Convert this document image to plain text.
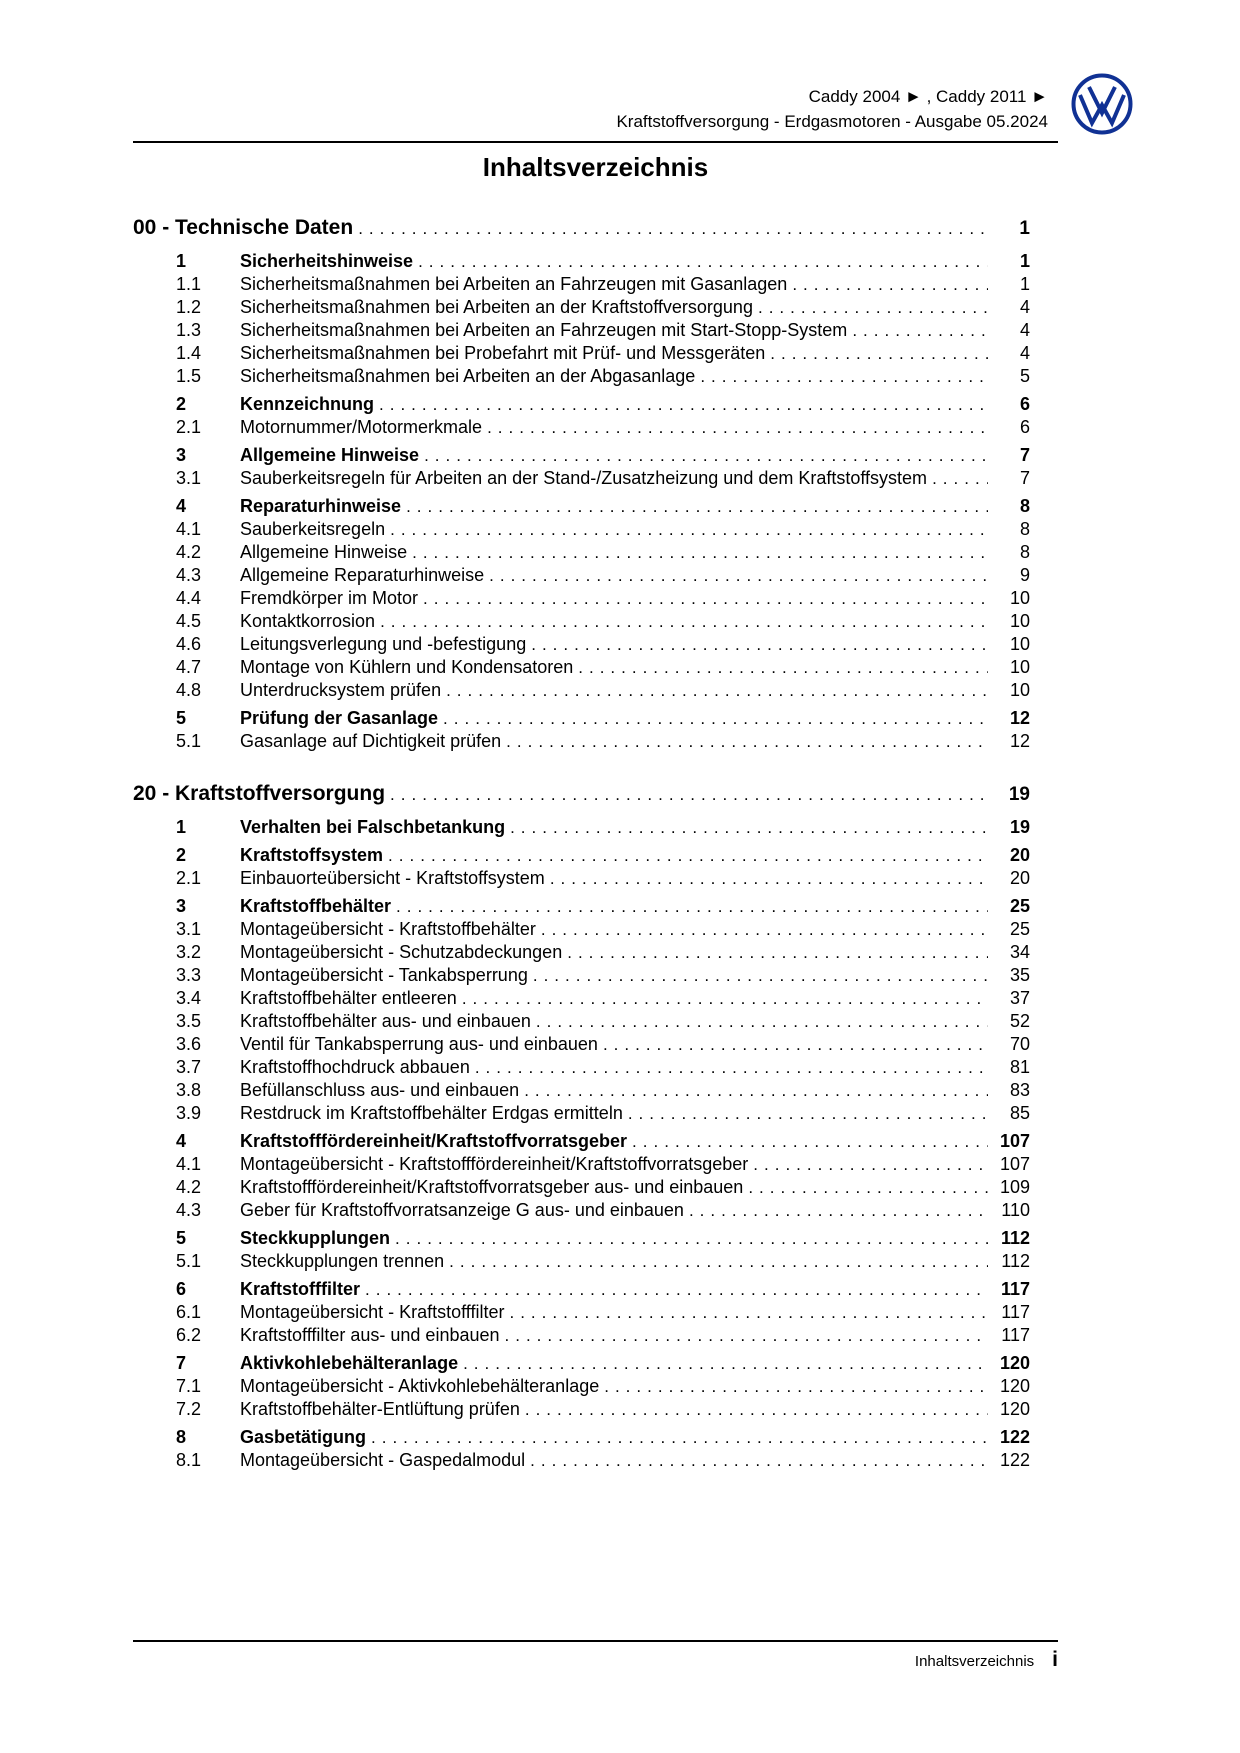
Caddy 2004 ► , Caddy 2011 ►
Kraftstoffversorgung - Erdgasmotoren - Ausgabe 05.2024
Inhaltsverzeichnis
00 - Technische Daten .....	1
1	Sicherheitshinweise .....	1
1.1	Sicherheitsmaßnahmen bei Arbeiten an Fahrzeugen mit Gasanlagen .....	1
1.2	Sicherheitsmaßnahmen bei Arbeiten an der Kraftstoffversorgung .....	4
1.3	Sicherheitsmaßnahmen bei Arbeiten an Fahrzeugen mit Start-Stopp-System .....	4
1.4	Sicherheitsmaßnahmen bei Probefahrt mit Prüf- und Messgeräten .....	4
1.5	Sicherheitsmaßnahmen bei Arbeiten an der Abgasanlage .....	5
2	Kennzeichnung .....	6
2.1	Motornummer/Motormerkmale .....	6
3	Allgemeine Hinweise .....	7
3.1	Sauberkeitsregeln für Arbeiten an der Stand-/Zusatzheizung und dem Kraftstoffsystem .....	7
4	Reparaturhinweise .....	8
4.1	Sauberkeitsregeln .....	8
4.2	Allgemeine Hinweise .....	8
4.3	Allgemeine Reparaturhinweise .....	9
4.4	Fremdkörper im Motor .....	10
4.5	Kontaktkorrosion .....	10
4.6	Leitungsverlegung und -befestigung .....	10
4.7	Montage von Kühlern und Kondensatoren .....	10
4.8	Unterdrucksystem prüfen .....	10
5	Prüfung der Gasanlage .....	12
5.1	Gasanlage auf Dichtigkeit prüfen .....	12
20 - Kraftstoffversorgung .....	19
1	Verhalten bei Falschbetankung .....	19
2	Kraftstoffsystem .....	20
2.1	Einbauorteübersicht - Kraftstoffsystem .....	20
3	Kraftstoffbehälter .....	25
3.1	Montageübersicht - Kraftstoffbehälter .....	25
3.2	Montageübersicht - Schutzabdeckungen .....	34
3.3	Montageübersicht - Tankabsperrung .....	35
3.4	Kraftstoffbehälter entleeren .....	37
3.5	Kraftstoffbehälter aus- und einbauen .....	52
3.6	Ventil für Tankabsperrung aus- und einbauen .....	70
3.7	Kraftstoffhochdruck abbauen .....	81
3.8	Befüllanschluss aus- und einbauen .....	83
3.9	Restdruck im Kraftstoffbehälter Erdgas ermitteln .....	85
4	Kraftstofffördereinheit/Kraftstoffvorratsgeber .....	107
4.1	Montageübersicht - Kraftstofffördereinheit/Kraftstoffvorratsgeber .....	107
4.2	Kraftstofffördereinheit/Kraftstoffvorratsgeber aus- und einbauen .....	109
4.3	Geber für Kraftstoffvorratsanzeige G aus- und einbauen .....	110
5	Steckkupplungen .....	112
5.1	Steckkupplungen trennen .....	112
6	Kraftstofffilter .....	117
6.1	Montageübersicht - Kraftstofffilter .....	117
6.2	Kraftstofffilter aus- und einbauen .....	117
7	Aktivkohlebehälteranlage .....	120
7.1	Montageübersicht - Aktivkohlebehälteranlage .....	120
7.2	Kraftstoffbehälter-Entlüftung prüfen .....	120
8	Gasbetätigung .....	122
8.1	Montageübersicht - Gaspedalmodul .....	122
Inhaltsverzeichnis i
